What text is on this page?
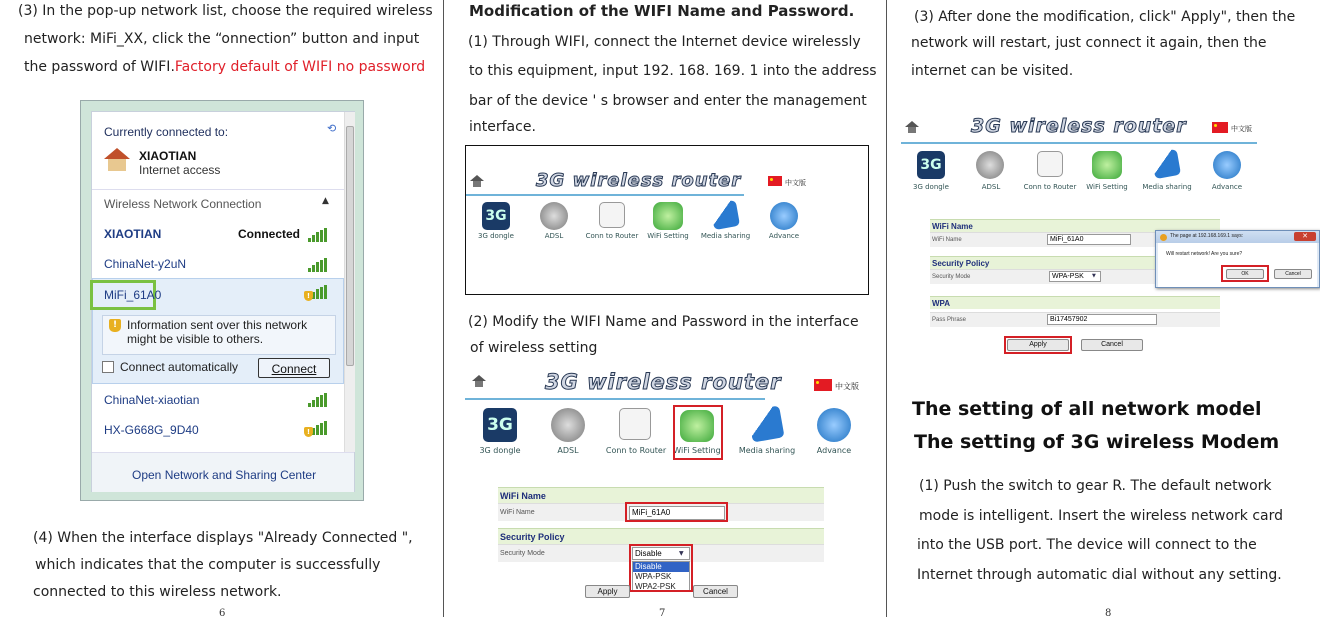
(3) In the pop-up network list, choose the required wireless
network: MiFi_XX, click the “onnection” button and input
the password of WIFI.Factory default of WIFI no password
Currently connected to:	⟲
XIAOTIAN
Internet access
Wireless Network Connection	▲
XIAOTIAN	Connected
ChinaNet-y2uN
MiFi_61A0	!
! Information sent over this network
might be visible to others.
Connect automatically	Connect
ChinaNet-xiaotian
HX-G668G_9D40	!
Open Network and Sharing Center
(4) When the interface displays "Already Connected ",
which indicates that the computer is successfully
connected to this wireless network.
6
Modification of the WIFI Name and Password.
(1) Through WIFI, connect the Internet device wirelessly
to this equipment, input 192. 168. 169. 1 into the address
bar of the device ' s browser and enter the management
interface.
3G wireless router	中文版
3G
3G dongle	ADSL	Conn to Router	WiFi Setting	Media sharing	Advance
(2) Modify the WIFI Name and Password in the interface
of wireless setting
3G wireless router	中文版
3G
3G dongle	ADSL	Conn to Router WiFi Setting	Media sharing	Advance
WiFi Name
WiFi Name	MiFi_61A0
Security Policy
Security Mode	Disable	▼
Disable
WPA-PSK
WPA2-PSK
Apply	Cancel
7
(3) After done the modification, click" Apply", then the
network will restart, just connect it again, then the
internet can be visited.
3G wireless router	中文版
3G
3G dongle	ADSL	Conn to Router	WiFi Setting	Media sharing	Advance
WiFi Name
WiFi Name	MiFi_61A0
Security Policy
Security Mode	WPA-PSK	▼
WPA
Pass Phrase	Bi17457902
Apply	Cancel
The page at 192.168.169.1 says:	✕
Will restart network! Are you sure?
OK	Cancel
The setting of all network model
The setting of 3G wireless Modem
(1) Push the switch to gear R. The default network
mode is intelligent. Insert the wireless network card
into the USB port. The device will connect to the
Internet through automatic dial without any setting.
8
